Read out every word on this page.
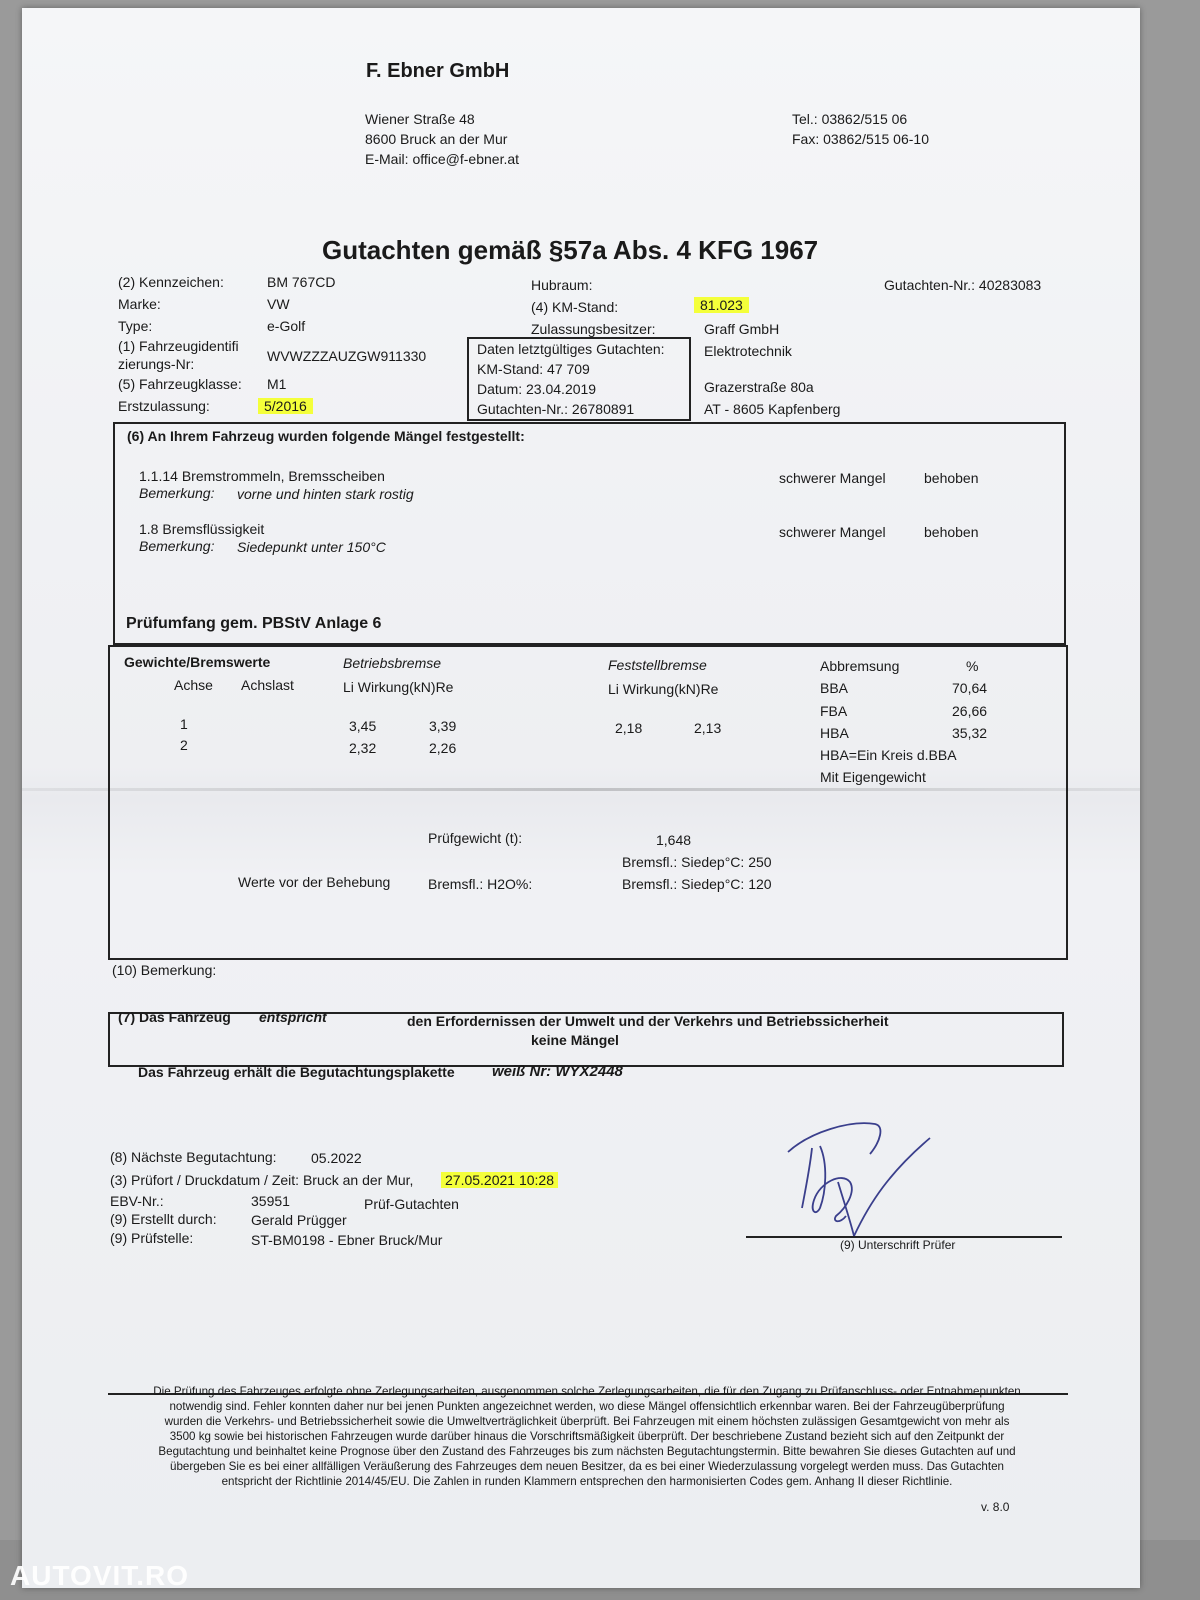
F. Ebner GmbH
Wiener Straße 48
8600 Bruck an der Mur
E-Mail: office@f-ebner.at
Tel.: 03862/515 06
Fax: 03862/515 06-10
Gutachten gemäß §57a Abs. 4 KFG 1967
(2) Kennzeichen:	BM 767CD
Marke:	VW
Type:	e-Golf
(1) Fahrzeugidentifi
zierungs-Nr:	WVWZZZAUZGW911330
(5) Fahrzeugklasse: M1
Erstzulassung:	5/2016
Hubraum:
(4) KM-Stand:	81.023
Zulassungsbesitzer:	Graff GmbH
Elektrotechnik
Grazerstraße 80a
AT - 8605 Kapfenberg
Gutachten-Nr.: 40283083
Daten letztgültiges Gutachten:
KM-Stand: 47 709
Datum: 23.04.2019
Gutachten-Nr.: 26780891
(6) An Ihrem Fahrzeug wurden folgende Mängel festgestellt:
1.1.14 Bremstrommeln, Bremsscheiben
Bemerkung: vorne und hinten stark rostig
schwerer Mangel	behoben
1.8 Bremsflüssigkeit
Bemerkung: Siedepunkt unter 150°C
schwerer Mangel	behoben
Prüfumfang gem. PBStV Anlage 6
Gewichte/Bremswerte
Achse Achslast
Betriebsbremse
Li Wirkung(kN)Re
Feststellbremse
Li Wirkung(kN)Re
1	3,45	3,39	2,18	2,13
2	2,32	2,26
Abbremsung	%
BBA	70,64
FBA	26,66
HBA	35,32
HBA=Ein Kreis d.BBA
Mit Eigengewicht
Prüfgewicht (t):	1,648
Bremsfl.: Siedep°C: 250
Werte vor der Behebung	Bremsfl.: H2O%:	Bremsfl.: Siedep°C: 120
(10) Bemerkung:
(7) Das Fahrzeug entspricht	den Erfordernissen der Umwelt und der Verkehrs und Betriebssicherheit
keine Mängel
Das Fahrzeug erhält die Begutachtungsplakette weiß Nr: WYX2448
(8) Nächste Begutachtung: 05.2022
(3) Prüfort / Druckdatum / Zeit: Bruck an der Mur, 27.05.2021 10:28
EBV-Nr.:	35951	Prüf-Gutachten
(9) Erstellt durch: Gerald Prügger
(9) Prüfstelle:	ST-BM0198 - Ebner Bruck/Mur	(9) Unterschrift Prüfer
Die Prüfung des Fahrzeuges erfolgte ohne Zerlegungsarbeiten, ausgenommen solche Zerlegungsarbeiten, die für den Zugang zu Prüfanschluss- oder Entnahmepunkten
notwendig sind. Fehler konnten daher nur bei jenen Punkten angezeichnet werden, wo diese Mängel offensichtlich erkennbar waren. Bei der Fahrzeugüberprüfung
wurden die Verkehrs- und Betriebssicherheit sowie die Umweltverträglichkeit überprüft. Bei Fahrzeugen mit einem höchsten zulässigen Gesamtgewicht von mehr als
3500 kg sowie bei historischen Fahrzeugen wurde darüber hinaus die Vorschriftsmäßigkeit überprüft. Der beschriebene Zustand bezieht sich auf den Zeitpunkt der
Begutachtung und beinhaltet keine Prognose über den Zustand des Fahrzeuges bis zum nächsten Begutachtungstermin. Bitte bewahren Sie dieses Gutachten auf und
übergeben Sie es bei einer allfälligen Veräußerung des Fahrzeuges dem neuen Besitzer, da es bei einer Wiederzulassung vorgelegt werden muss. Das Gutachten
entspricht der Richtlinie 2014/45/EU. Die Zahlen in runden Klammern entsprechen den harmonisierten Codes gem. Anhang II dieser Richtlinie.
v. 8.0
AUTOVIT.RO
